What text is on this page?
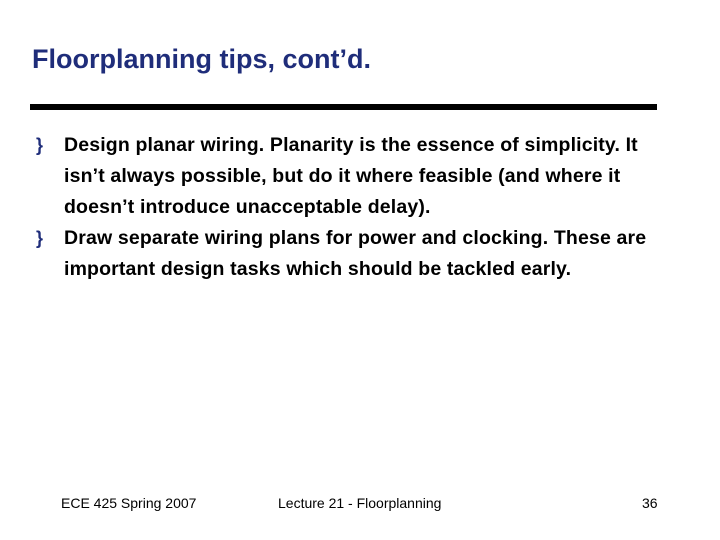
Floorplanning tips, cont’d.
}	Design planar wiring. Planarity is the essence of simplicity. It isn’t always possible, but do it where feasible (and where it doesn’t introduce unacceptable delay).
}	Draw separate wiring plans for power and clocking. These are important design tasks which should be tackled early.
ECE 425 Spring 2007	Lecture 21 - Floorplanning	36
